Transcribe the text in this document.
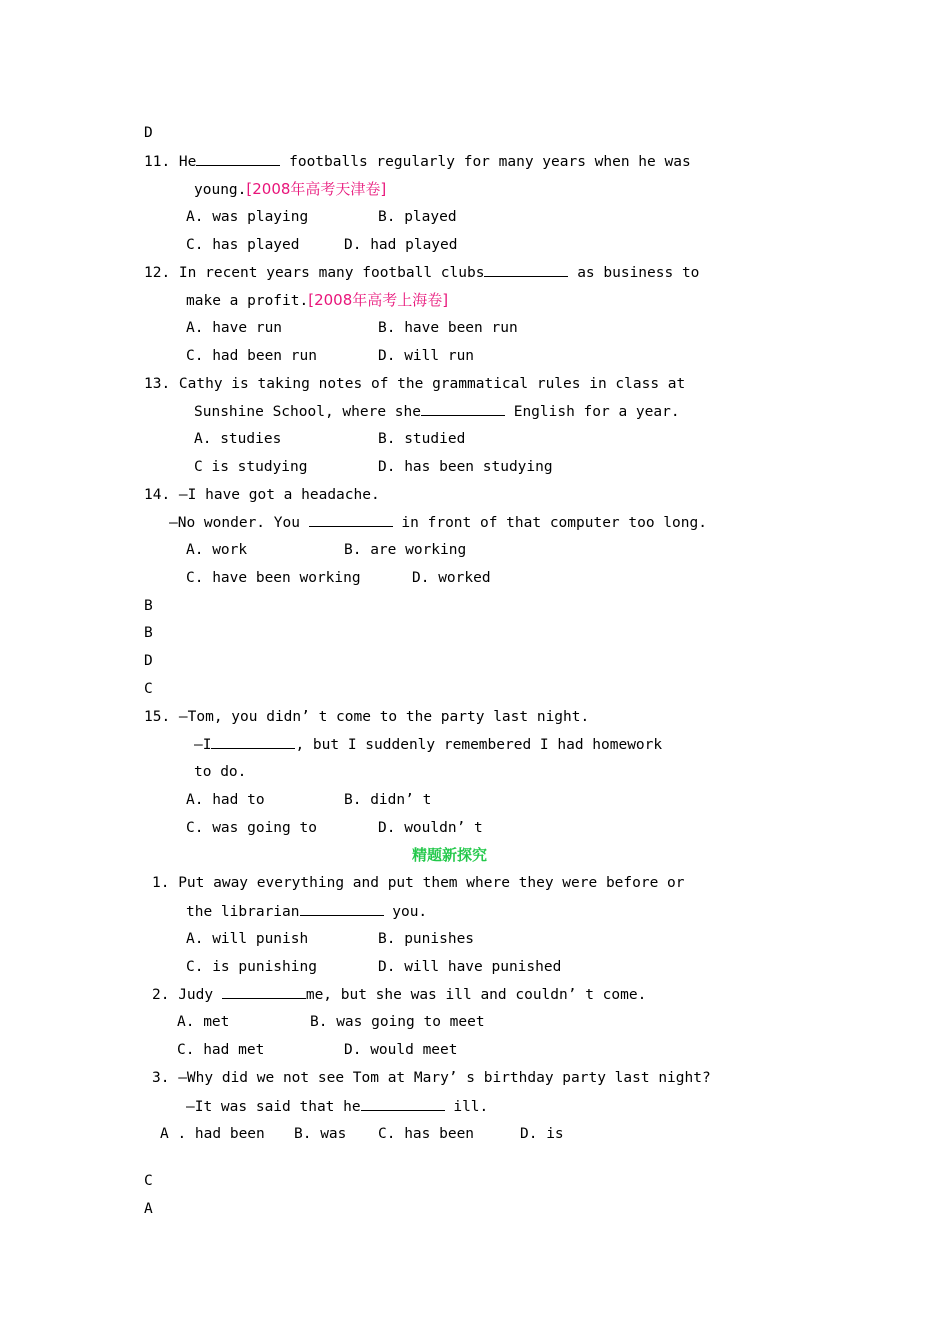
D
11. He	footballs regularly for many years when he was
young.[2008年高考天津卷]
A. was playing	B. played
C. has played	D. had played
12. In recent years many football clubs	as business to
make a profit.[2008年高考上海卷]
A. have run	B. have been run
C. had been run	D. will run
13. Cathy is taking notes of the grammatical rules in class at
Sunshine School, where she	English for a year.
A. studies	B. studied
C is studying	D. has been studying
14. —I have got a headache.
—No wonder. You	in front of that computer too long.
A. work	B. are working
C. have been working	D. worked
B
B
D
C
15. —Tom, you didn’ t come to the party last night.
—I	, but I suddenly remembered I had homework
to do.
A. had to	B. didn’ t
C. was going to	D. wouldn’ t
精题新探究
1. Put away everything and put them where they were before or
the librarian	you.
A. will punish	B. punishes
C. is punishing	D. will have punished
2. Judy	me, but she was ill and couldn’ t come.
A. met	B. was going to meet
C. had met	D. would meet
3. —Why did we not see Tom at Mary’ s birthday party last night?
—It was said that he	ill.
A . had been B. was C. has been	D. is
C
A
